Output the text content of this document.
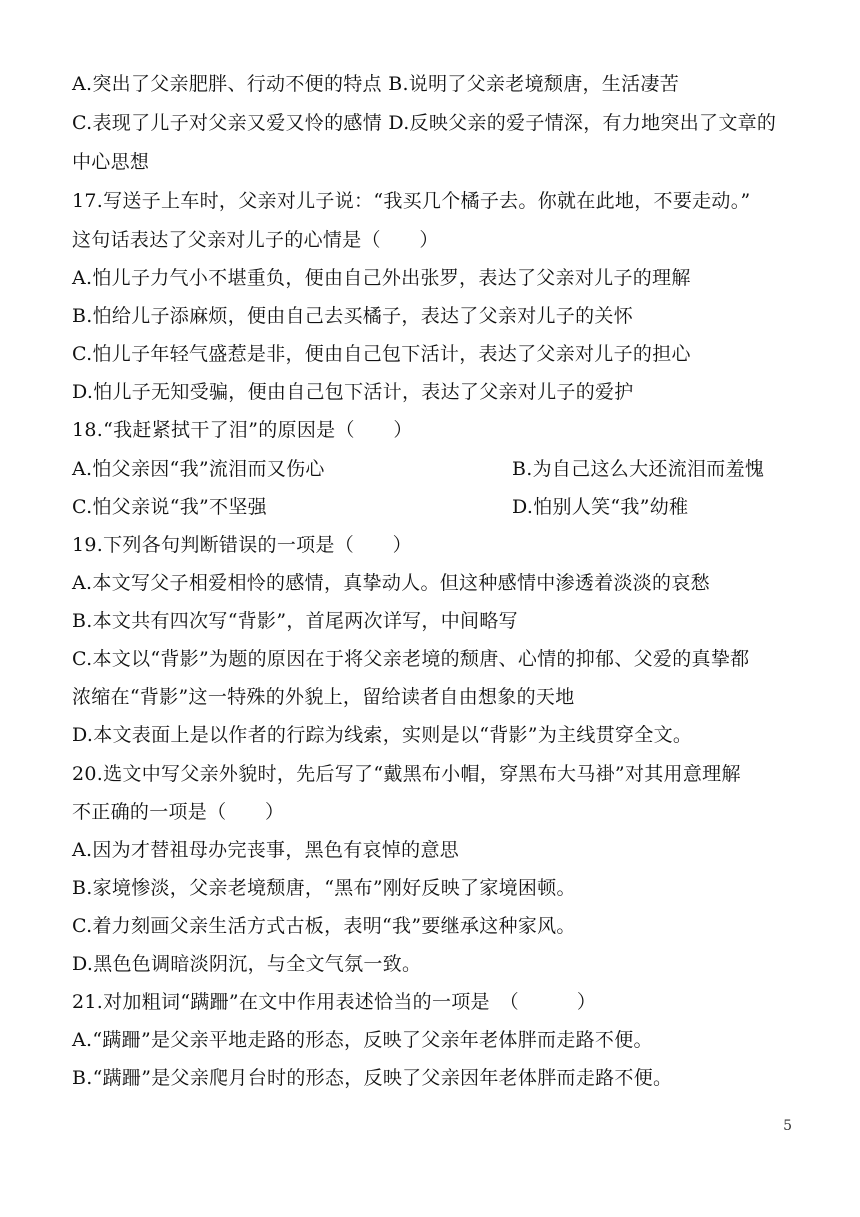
A.突出了父亲肥胖、行动不便的特点 B.说明了父亲老境颓唐，生活凄苦
C.表现了儿子对父亲又爱又怜的感情 D.反映父亲的爱子情深，有力地突出了文章的
中心思想
17.写送子上车时，父亲对儿子说：“我买几个橘子去。你就在此地，不要走动。”
这句话表达了父亲对儿子的心情是（　　）
A.怕儿子力气小不堪重负，便由自己外出张罗，表达了父亲对儿子的理解
B.怕给儿子添麻烦，便由自己去买橘子，表达了父亲对儿子的关怀
C.怕儿子年轻气盛惹是非，便由自己包下活计，表达了父亲对儿子的担心
D.怕儿子无知受骗，便由自己包下活计，表达了父亲对儿子的爱护
18.“我赶紧拭干了泪”的原因是（　　）
A.怕父亲因“我”流泪而又伤心	B.为自己这么大还流泪而羞愧
C.怕父亲说“我”不坚强	D.怕别人笑“我”幼稚
19.下列各句判断错误的一项是（　　）
A.本文写父子相爱相怜的感情，真挚动人。但这种感情中渗透着淡淡的哀愁
B.本文共有四次写“背影”，首尾两次详写，中间略写
C.本文以“背影”为题的原因在于将父亲老境的颓唐、心情的抑郁、父爱的真挚都
浓缩在“背影”这一特殊的外貌上，留给读者自由想象的天地
D.本文表面上是以作者的行踪为线索，实则是以“背影”为主线贯穿全文。
20.选文中写父亲外貌时，先后写了“戴黑布小帽，穿黑布大马褂”对其用意理解
不正确的一项是（　　）
A.因为才替祖母办完丧事，黑色有哀悼的意思
B.家境惨淡，父亲老境颓唐，“黑布”刚好反映了家境困顿。
C.着力刻画父亲生活方式古板，表明“我”要继承这种家风。
D.黑色色调暗淡阴沉，与全文气氛一致。
21.对加粗词“蹒跚”在文中作用表述恰当的一项是　（　　　）
A.“蹒跚”是父亲平地走路的形态，反映了父亲年老体胖而走路不便。
B.“蹒跚”是父亲爬月台时的形态，反映了父亲因年老体胖而走路不便。
5
